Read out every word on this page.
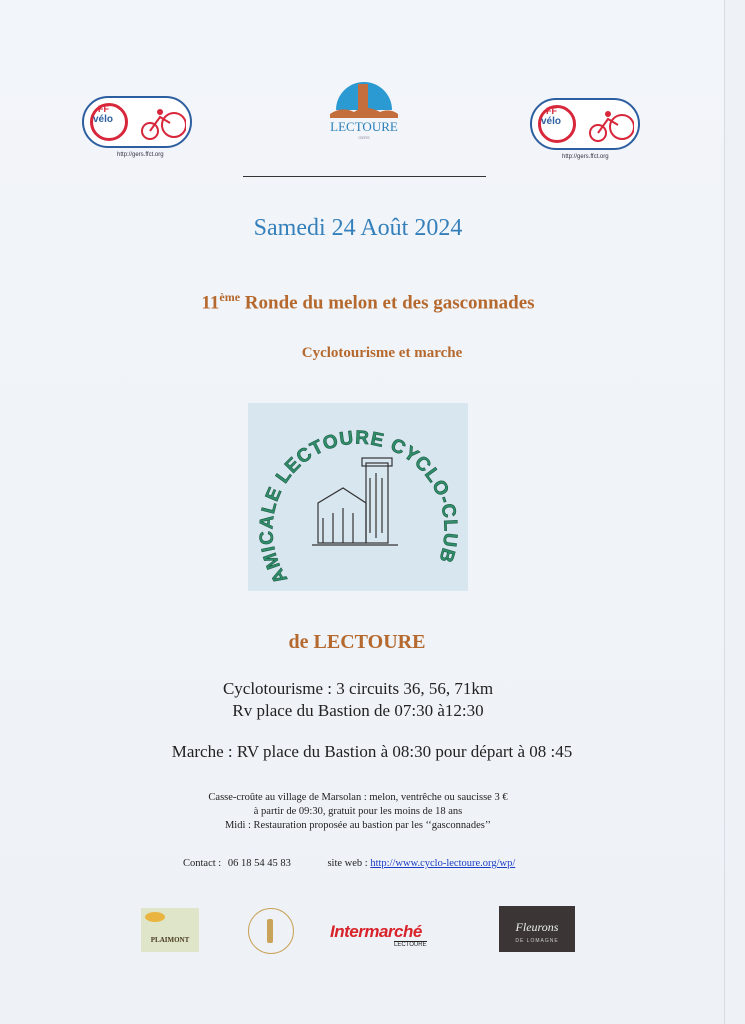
FF
vélo
http://gers.ffct.org
FF
vélo
http://gers.ffct.org
VILLE DE
LECTOURE
GERS
Samedi 24 Août 2024
11ème Ronde du melon et des gasconnades
Cyclotourisme et marche
AMICALE LECTOURE CYCLO-CLUB
de LECTOURE
Cyclotourisme : 3 circuits 36, 56, 71km
Rv place du Bastion de 07:30 à12:30
Marche : RV place du Bastion à 08:30 pour départ à 08 :45
Casse-croûte au village de Marsolan : melon, ventrêche ou saucisse 3 €
à partir de 09:30, gratuit pour les moins de 18 ans
Midi : Restauration proposée au bastion par les ‘‘gasconnades’’
Contact : 06 18 54 45 83	site web : http://www.cyclo-lectoure.org/wp/
PLAIMONT	Intermarché
LECTOURE
Fleurons
DE LOMAGNE
